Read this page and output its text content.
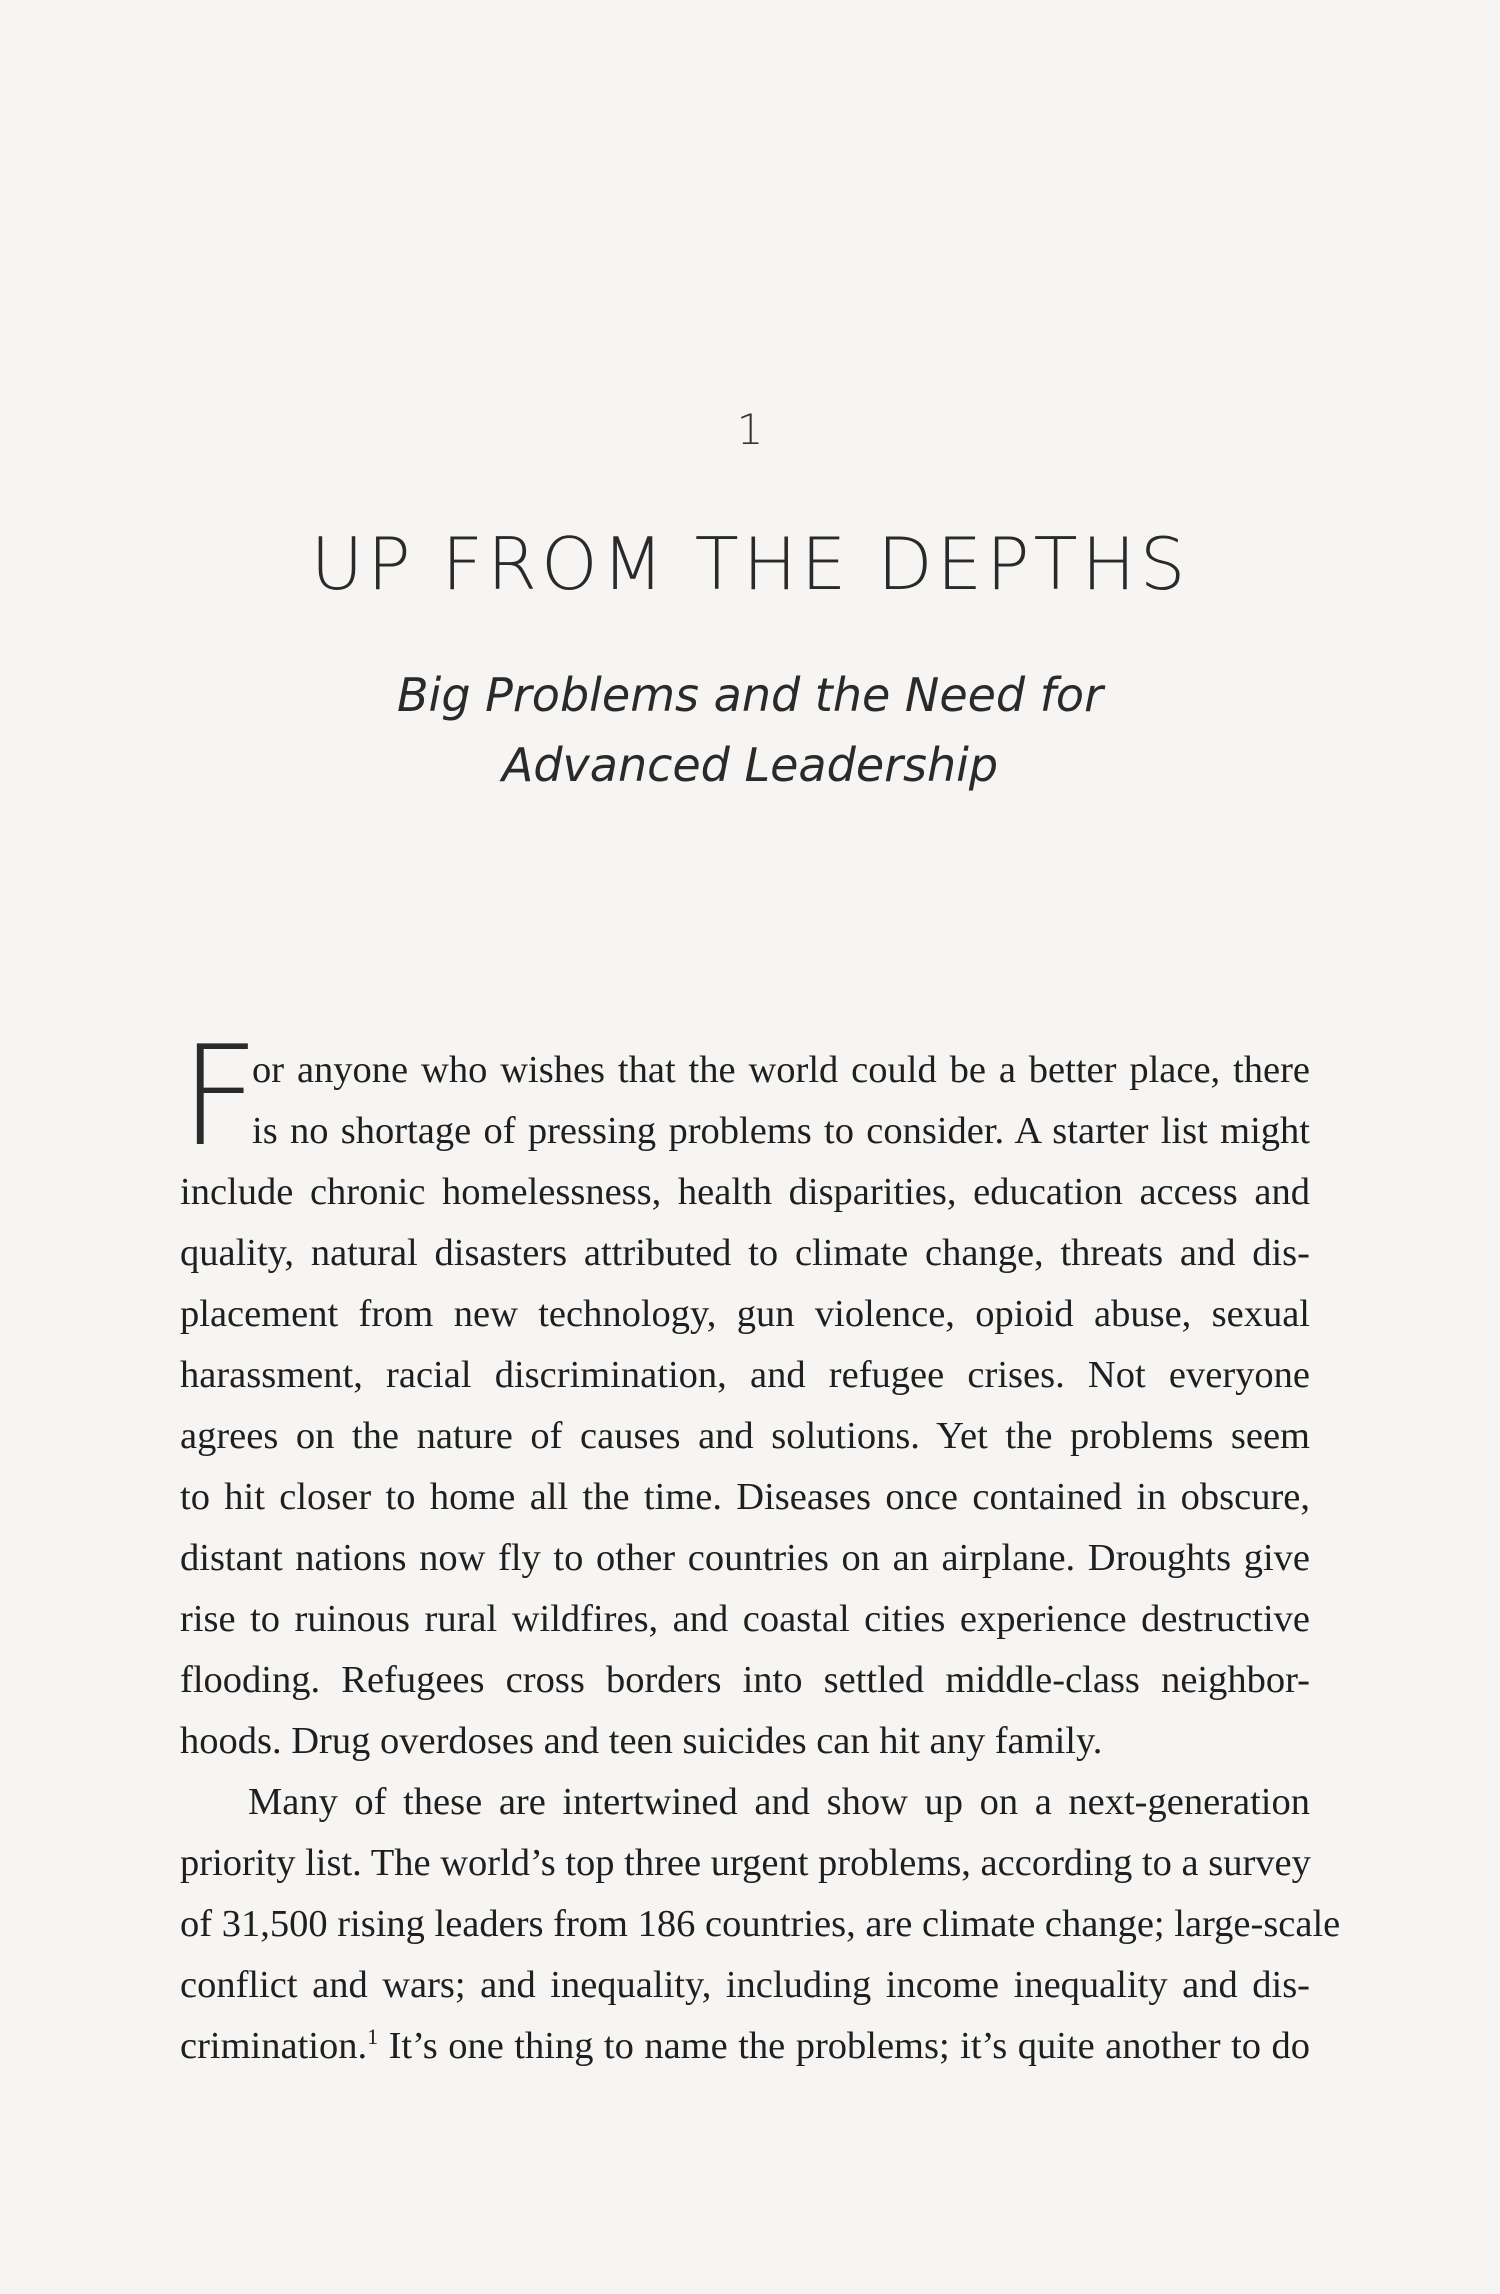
1
UP FROM THE DEPTHS
Big Problems and the Need for
Advanced Leadership
F
or anyone who wishes that the world could be a better place, there
is no shortage of pressing problems to consider. A starter list might
include chronic homelessness, health disparities, education access and
quality, natural disasters attributed to climate change, threats and dis-
placement from new technology, gun violence, opioid abuse, sexual
harassment, racial discrimination, and refugee crises. Not everyone
agrees on the nature of causes and solutions. Yet the problems seem
to hit closer to home all the time. Diseases once contained in obscure,
distant nations now fly to other countries on an airplane. Droughts give
rise to ruinous rural wildfires, and coastal cities experience destructive
flooding. Refugees cross borders into settled middle-class neighbor-
hoods. Drug overdoses and teen suicides can hit any family.
Many of these are intertwined and show up on a next-generation
priority list. The world’s top three urgent problems, according to a survey
of 31,500 rising leaders from 186 countries, are climate change; large-scale
conflict and wars; and inequality, including income inequality and dis-
crimination.$^1$ It’s one thing to name the problems; it’s quite another to do
